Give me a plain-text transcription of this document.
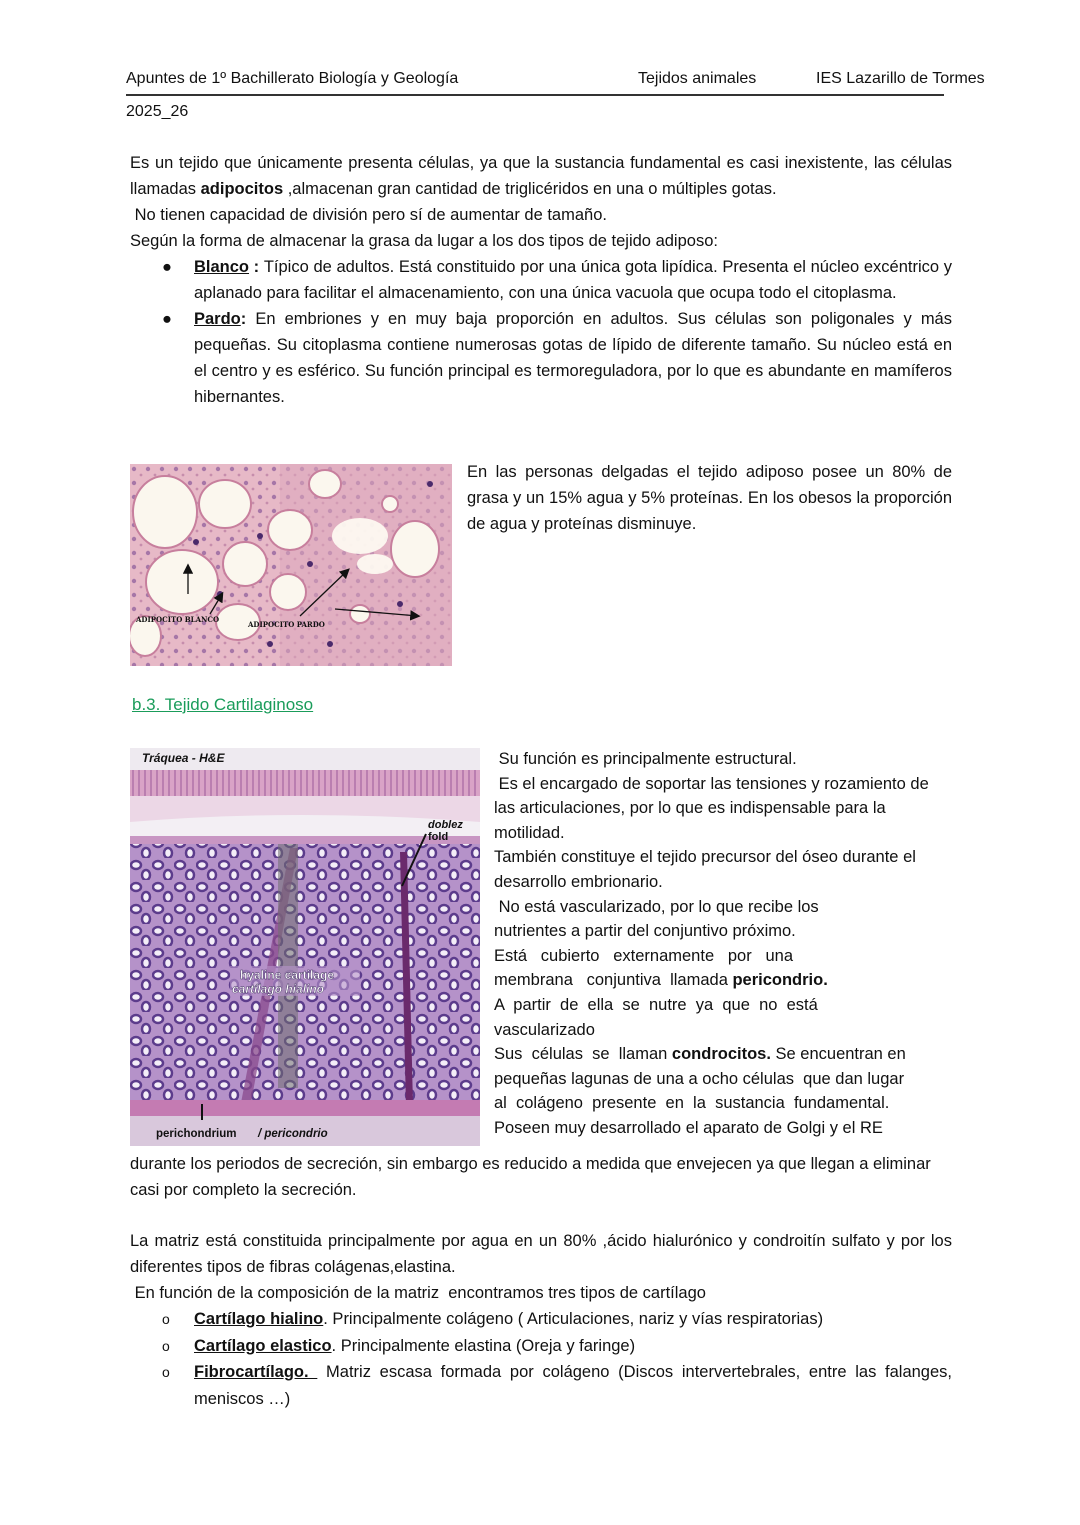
Apuntes de 1º Bachillerato Biología y Geología	Tejidos animales	IES Lazarillo de Tormes
2025_26
Es un tejido que únicamente presenta células, ya que la sustancia fundamental es casi inexistente, las células llamadas adipocitos ,almacenan gran cantidad de triglicéridos en una o múltiples gotas.
No tienen capacidad de división pero sí de aumentar de tamaño.
Según la forma de almacenar la grasa da lugar a los dos tipos de tejido adiposo:
● Blanco : Típico de adultos. Está constituido por una única gota lipídica. Presenta el núcleo excéntrico y aplanado para facilitar el almacenamiento, con una única vacuola que ocupa todo el citoplasma.
● Pardo: En embriones y en muy baja proporción en adultos. Sus células son poligonales y más pequeñas. Su citoplasma contiene numerosas gotas de lípido de diferente tamaño. Su núcleo está en el centro y es esférico. Su función principal es termoreguladora, por lo que es abundante en mamíferos hibernantes.
ADIPOCITO BLANCO
ADIPOCITO PARDO
En las personas delgadas el tejido adiposo posee un 80% de grasa y un 15% agua y 5% proteínas. En los obesos la proporción de agua y proteínas disminuye.
b.3. Tejido Cartilaginoso
Tráquea - H&E
doblez
fold
hyaline cartilage
cartílago hialino
perichondrium / pericondrio
Su función es principalmente estructural.
Es el encargado de soportar las tensiones y rozamiento de
las articulaciones, por lo que es indispensable para la
motilidad.
También constituye el tejido precursor del óseo durante el
desarrollo embrionario.
No está vascularizado, por lo que recibe los
nutrientes a partir del conjuntivo próximo.
Está   cubierto   externamente   por   una
membrana   conjuntiva  llamada pericondrio.
A  partir  de  ella  se  nutre  ya  que  no  está
vascularizado
Sus  células  se  llaman condrocitos. Se encuentran en
pequeñas lagunas de una a ocho células  que dan lugar
al  colágeno  presente  en  la  sustancia  fundamental.
Poseen muy desarrollado el aparato de Golgi y el RE
durante los periodos de secreción, sin embargo es reducido a medida que envejecen ya que llegan a eliminar casi por completo la secreción.
La matriz está constituida principalmente por agua en un 80% ,ácido hialurónico y condroitín sulfato y por los diferentes tipos de fibras colágenas,elastina.
En función de la composición de la matriz  encontramos tres tipos de cartílago
o Cartílago hialino. Principalmente colágeno ( Articulaciones, nariz y vías respiratorias)
o Cartílago elastico. Principalmente elastina (Oreja y faringe)
o Fibrocartílago.  Matriz escasa formada por colágeno (Discos intervertebrales, entre las falanges, meniscos …)
